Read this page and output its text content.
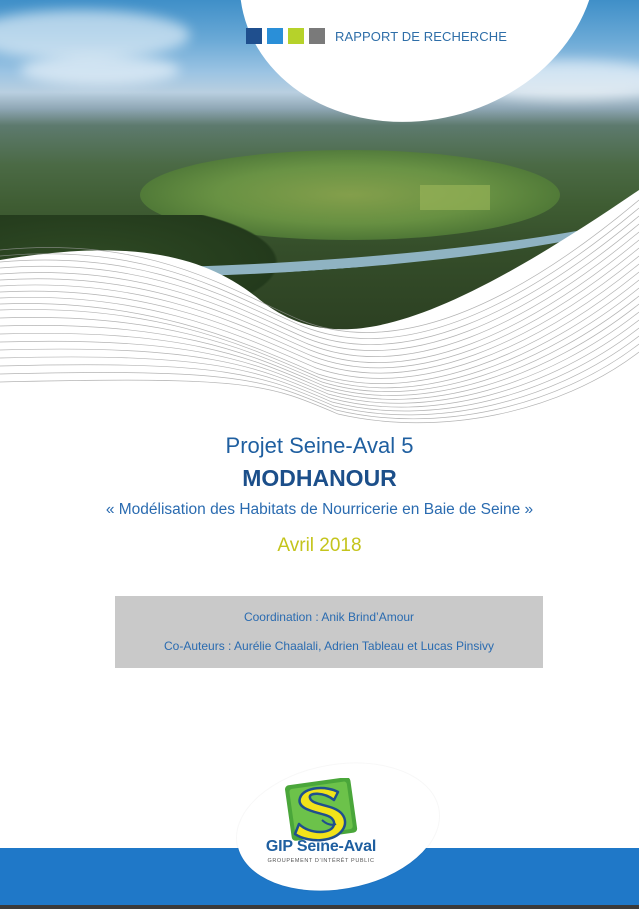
RAPPORT DE RECHERCHE

Projet Seine-Aval 5

MODHANOUR

« Modélisation des Habitats de Nourricerie en Baie de Seine »

Avril 2018

Coordination : Anik Brind’Amour

Co-Auteurs : Aurélie Chaalali, Adrien Tableau et Lucas Pinsivy

GIP Seine-Aval
GROUPEMENT D’INTÉRÊT PUBLIC
